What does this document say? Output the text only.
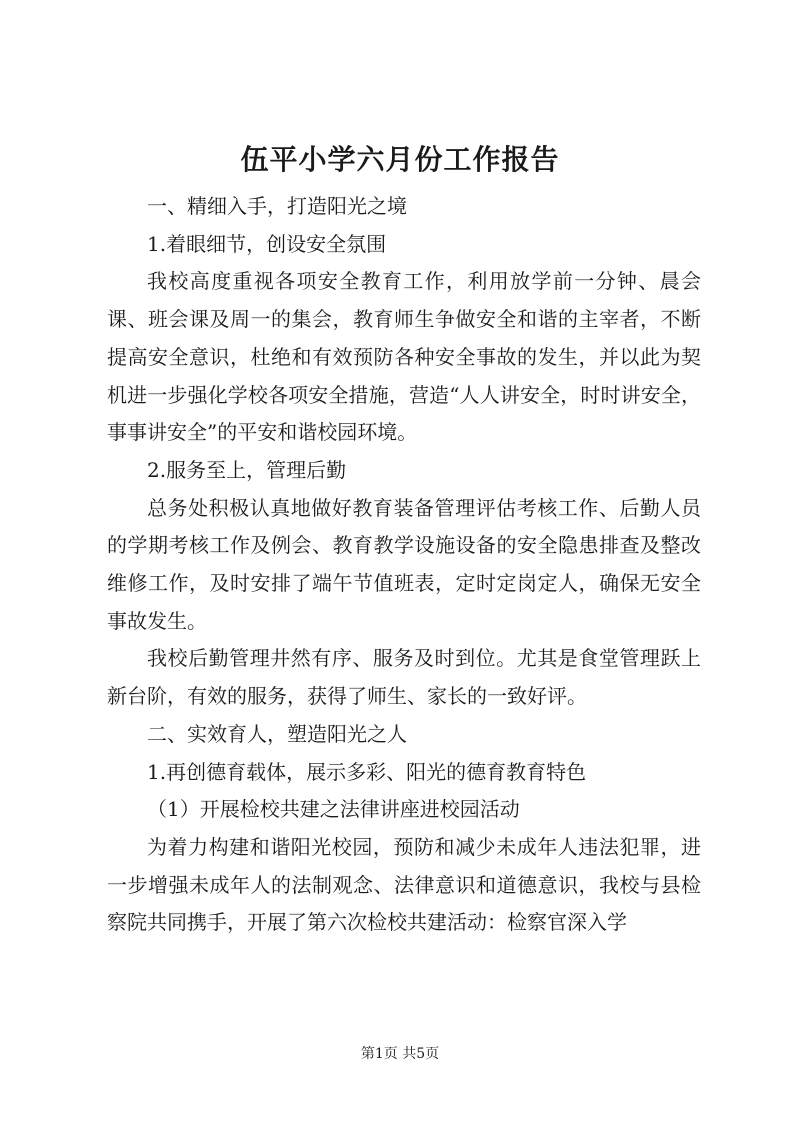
伍平小学六月份工作报告

一、精细入手，打造阳光之境

1.着眼细节，创设安全氛围

我校高度重视各项安全教育工作，利用放学前一分钟、晨会课、班会课及周一的集会，教育师生争做安全和谐的主宰者，不断提高安全意识，杜绝和有效预防各种安全事故的发生，并以此为契机进一步强化学校各项安全措施，营造“人人讲安全，时时讲安全，事事讲安全”的平安和谐校园环境。

2.服务至上，管理后勤

总务处积极认真地做好教育装备管理评估考核工作、后勤人员的学期考核工作及例会、教育教学设施设备的安全隐患排查及整改维修工作，及时安排了端午节值班表，定时定岗定人，确保无安全事故发生。

我校后勤管理井然有序、服务及时到位。尤其是食堂管理跃上新台阶，有效的服务，获得了师生、家长的一致好评。

二、实效育人，塑造阳光之人

1.再创德育载体，展示多彩、阳光的德育教育特色

（1）开展检校共建之法律讲座进校园活动

为着力构建和谐阳光校园，预防和减少未成年人违法犯罪，进一步增强未成年人的法制观念、法律意识和道德意识，我校与县检察院共同携手，开展了第六次检校共建活动：检察官深入学

第1页 共5页
